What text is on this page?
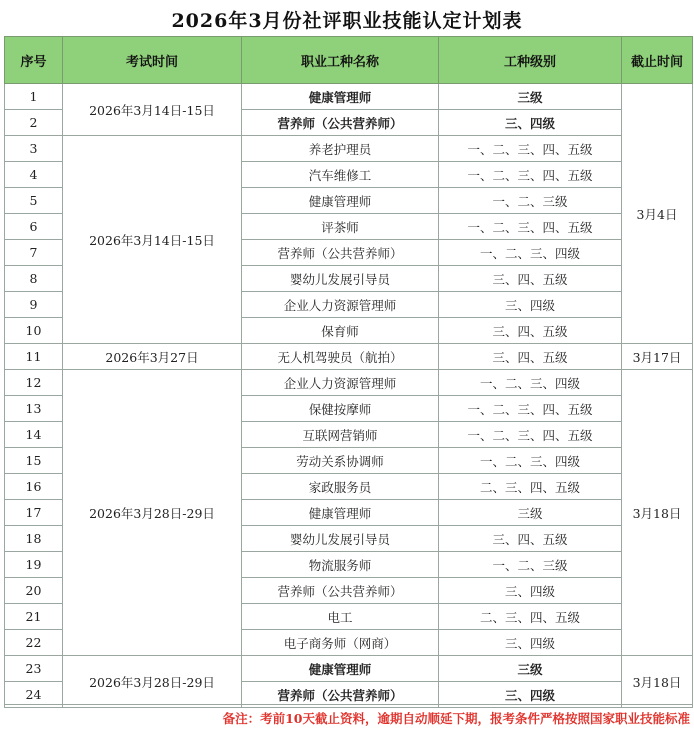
2026年3月份社评职业技能认定计划表
序号	考试时间	职业工种名称	工种级别	截止时间
1	2026年3月14日-15日	健康管理师	三级	3月4日
2		营养师（公共营养师）	三、四级	
3	2026年3月14日-15日	养老护理员	一、二、三、四、五级	
4		汽车维修工	一、二、三、四、五级	
5		健康管理师	一、二、三级	
6		评茶师	一、二、三、四、五级	
7		营养师（公共营养师）	一、二、三、四级	
8		婴幼儿发展引导员	三、四、五级	
9		企业人力资源管理师	三、四级	
10		保育师	三、四、五级	
11	2026年3月27日	无人机驾驶员（航拍）	三、四、五级	3月17日
12	2026年3月28日-29日	企业人力资源管理师	一、二、三、四级	3月18日
13		保健按摩师	一、二、三、四、五级	
14		互联网营销师	一、二、三、四、五级	
15		劳动关系协调师	一、二、三、四级	
16		家政服务员	二、三、四、五级	
17		健康管理师	三级	
18		婴幼儿发展引导员	三、四、五级	
19		物流服务师	一、二、三级	
20		营养师（公共营养师）	三、四级	
21		电工	二、三、四、五级	
22		电子商务师（网商）	三、四级	
23	2026年3月28日-29日	健康管理师	三级	3月18日
24		营养师（公共营养师）	三、四级	
备注：考前10天截止资料，逾期自动顺延下期，报考条件严格按照国家职业技能标准
